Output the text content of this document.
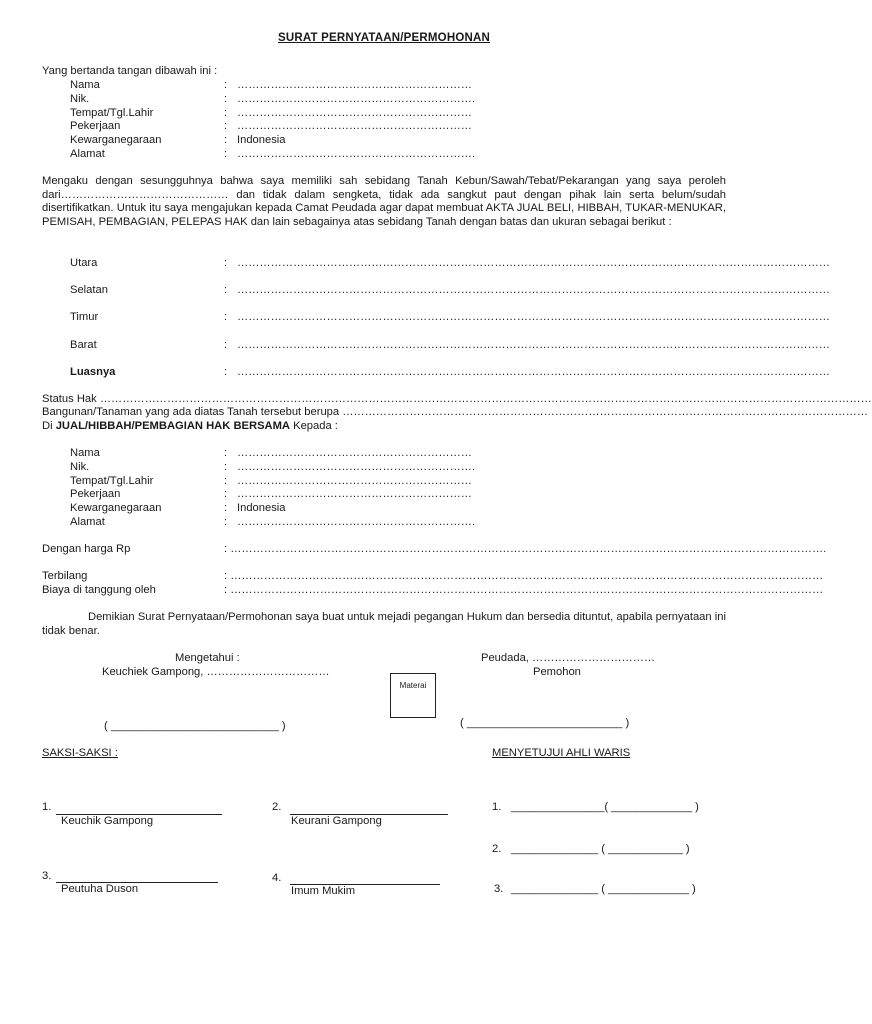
SURAT PERNYATAAN/PERMOHONAN
Yang bertanda tangan dibawah ini :
Nama	: ………………………………………………………
Nik.	: ……………………………………………………….
Tempat/Tgl.Lahir	: ………………………………………………………
Pekerjaan	: ………………………………………………………
Kewarganegaraan	: Indonesia
Alamat	: ……………………………………………………….
Mengaku dengan sesungguhnya bahwa saya memiliki sah sebidang Tanah Kebun/Sawah/Tebat/Pekarangan yang saya peroleh dari……………………………………… dan tidak dalam sengketa, tidak ada sangkut paut dengan pihak lain serta belum/sudah disertifikatkan. Untuk itu saya mengajukan kepada Camat Peudada agar dapat membuat AKTA JUAL BELI, HIBBAH, TUKAR-MENUKAR, PEMISAH, PEMBAGIAN, PELEPAS HAK dan lain sebagainya atas sebidang Tanah dengan batas dan ukuran sebagai berikut :
Utara	: ……………………………………………………………………………………………………………………………………………
Selatan	: ……………………………………………………………………………………………………………………………………………
Timur	: ……………………………………………………………………………………………………………………………………………
Barat	: ……………………………………………………………………………………………………………………………………………
Luasnya	: ……………………………………………………………………………………………………………………………………………
Status Hak ………………………………………………………………………………………………………………………………………………………………………………………
Bangunan/Tanaman yang ada diatas Tanah tersebut berupa ……………………………………………………………………………………………………………………………
Di JUAL/HIBBAH/PEMBAGIAN HAK BERSAMA Kepada :
Nama	: ………………………………………………………
Nik.	: ……………………………………………………….
Tempat/Tgl.Lahir	: ………………………………………………………
Pekerjaan	: ………………………………………………………
Kewarganegaraan	: Indonesia
Alamat	: ……………………………………………………….
Dengan harga Rp	: …………………………………………………………………………………………………………………………………………….
Terbilang	: ……………………………………………………………………………………………………………………………………………
Biaya di tanggung oleh	: ……………………………………………………………………………………………………………………………………………
Demikian Surat Pernyataan/Permohonan saya buat untuk mejadi pegangan Hukum dan bersedia dituntut, apabila pernyataan ini tidak benar.
Mengetahui :
Keuchiek Gampong, ……………………………
Peudada, ……………………………
Pemohon
Materai
( ___________________________ )	( _________________________ )
SAKSI-SAKSI :	MENYETUJUI AHLI WARIS
1.
Keuchik Gampong
2.
Keurani Gampong
3.
Peutuha Duson
4.
Imum Mukim
1. _______________( _____________ )
2. ______________ ( ____________ )
3. ______________ ( _____________ )
